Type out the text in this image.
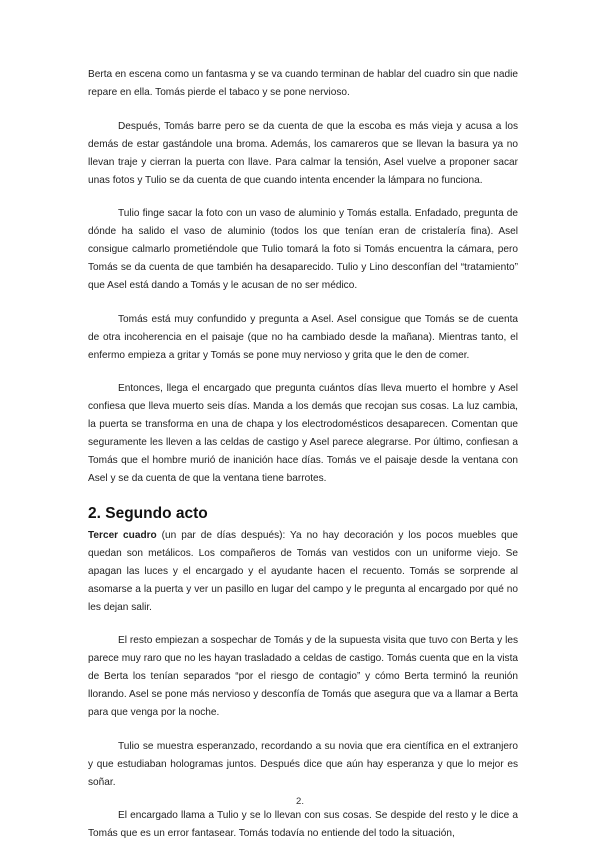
Berta en escena como un fantasma y se va cuando terminan de hablar del cuadro sin que nadie repare en ella. Tomás pierde el tabaco y se pone nervioso.

Después, Tomás barre pero se da cuenta de que la escoba es más vieja y acusa a los demás de estar gastándole una broma. Además, los camareros que se llevan la basura ya no llevan traje y cierran la puerta con llave. Para calmar la tensión, Asel vuelve a proponer sacar unas fotos y Tulio se da cuenta de que cuando intenta encender la lámpara no funciona.

Tulio finge sacar la foto con un vaso de aluminio y Tomás estalla. Enfadado, pregunta de dónde ha salido el vaso de aluminio (todos los que tenían eran de cristalería fina). Asel consigue calmarlo prometiéndole que Tulio tomará la foto si Tomás encuentra la cámara, pero Tomás se da cuenta de que también ha desaparecido. Tulio y Lino desconfían del “tratamiento” que Asel está dando a Tomás y le acusan de no ser médico.

Tomás está muy confundido y pregunta a Asel. Asel consigue que Tomás se de cuenta de otra incoherencia en el paisaje (que no ha cambiado desde la mañana). Mientras tanto, el enfermo empieza a gritar y Tomás se pone muy nervioso y grita que le den de comer.

Entonces, llega el encargado que pregunta cuántos días lleva muerto el hombre y Asel confiesa que lleva muerto seis días. Manda a los demás que recojan sus cosas. La luz cambia, la puerta se transforma en una de chapa y los electrodomésticos desaparecen. Comentan que seguramente les lleven a las celdas de castigo y Asel parece alegrarse. Por último, confiesan a Tomás que el hombre murió de inanición hace días. Tomás ve el paisaje desde la ventana con Asel y se da cuenta de que la ventana tiene barrotes.

2. Segundo acto

Tercer cuadro (un par de días después): Ya no hay decoración y los pocos muebles que quedan son metálicos. Los compañeros de Tomás van vestidos con un uniforme viejo. Se apagan las luces y el encargado y el ayudante hacen el recuento. Tomás se sorprende al asomarse a la puerta y ver un pasillo en lugar del campo y le pregunta al encargado por qué no les dejan salir.

El resto empiezan a sospechar de Tomás y de la supuesta visita que tuvo con Berta y les parece muy raro que no les hayan trasladado a celdas de castigo. Tomás cuenta que en la vista de Berta los tenían separados “por el riesgo de contagio” y cómo Berta terminó la reunión llorando. Asel se pone más nervioso y desconfía de Tomás que asegura que va a llamar a Berta para que venga por la noche.

Tulio se muestra esperanzado, recordando a su novia que era científica en el extranjero y que estudiaban hologramas juntos. Después dice que aún hay esperanza y que lo mejor es soñar.

El encargado llama a Tulio y se lo llevan con sus cosas. Se despide del resto y le dice a Tomás que es un error fantasear. Tomás todavía no entiende del todo la situación,

2.
